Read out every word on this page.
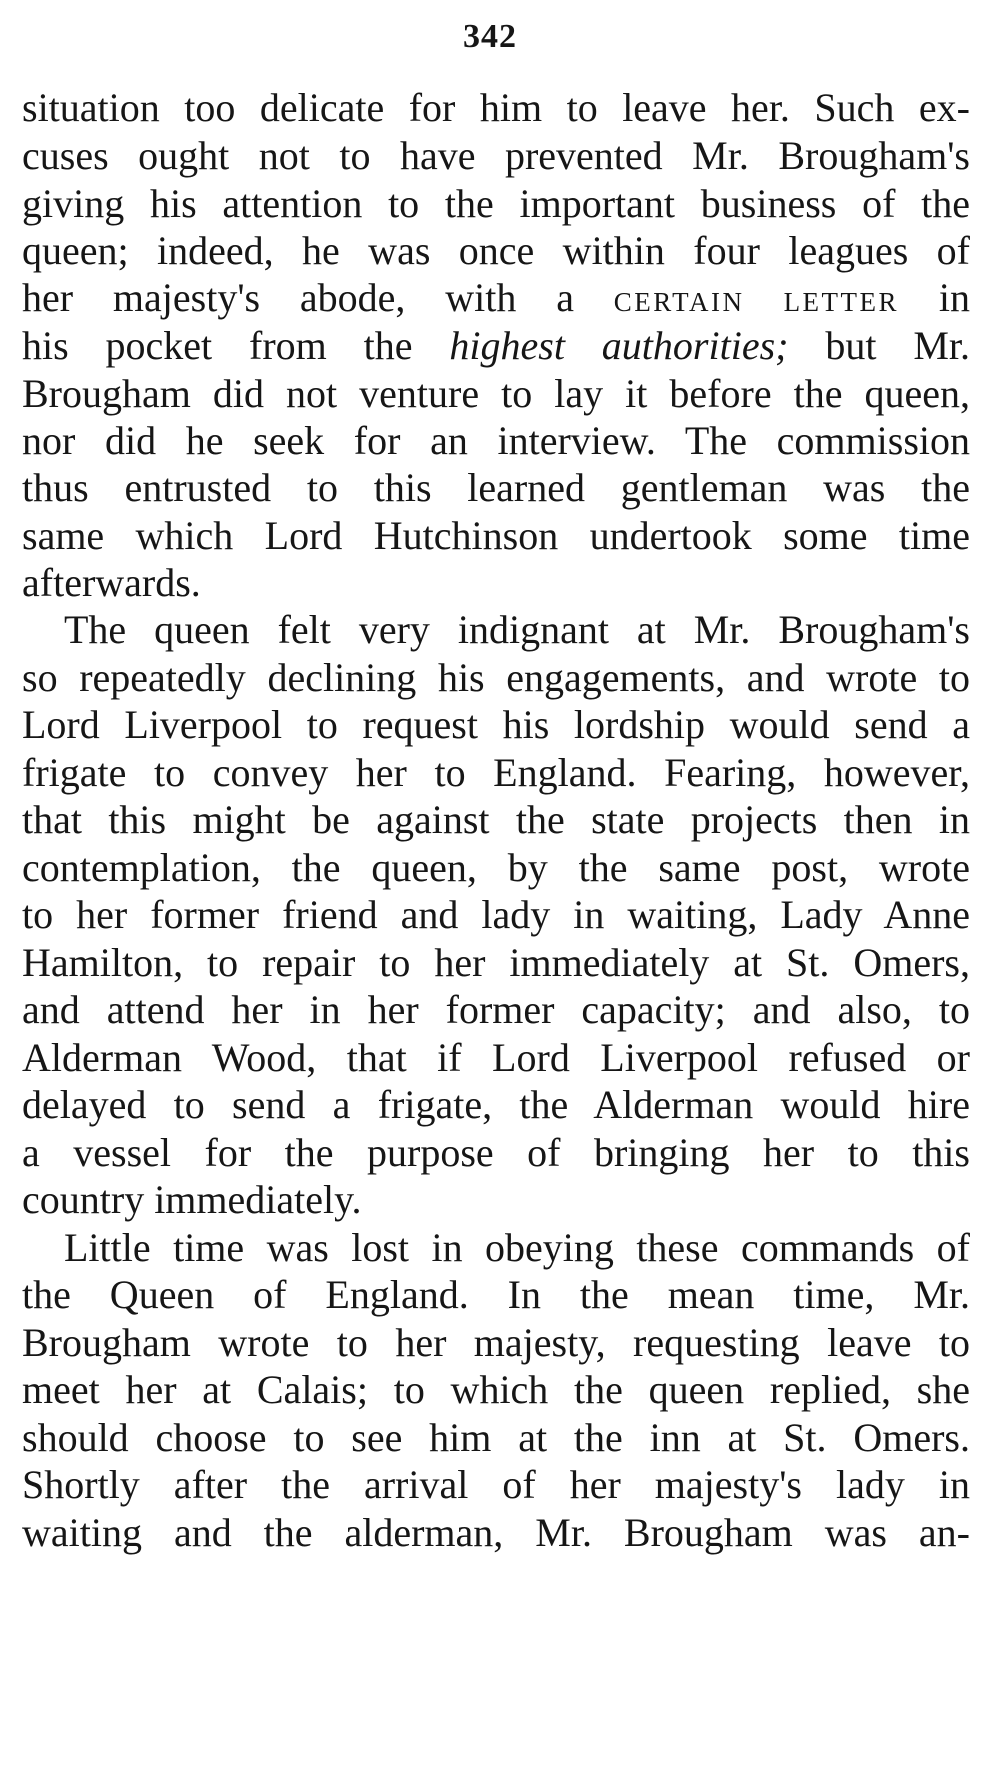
342
situation too delicate for him to leave her. Such ex-
cuses ought not to have prevented Mr. Brougham's
giving his attention to the important business of the
queen; indeed, he was once within four leagues of
her majesty's abode, with a CERTAIN LETTER in
his pocket from the highest authorities; but Mr.
Brougham did not venture to lay it before the queen,
nor did he seek for an interview. The commission
thus entrusted to this learned gentleman was the
same which Lord Hutchinson undertook some time
afterwards.
The queen felt very indignant at Mr. Brougham's
so repeatedly declining his engagements, and wrote to
Lord Liverpool to request his lordship would send a
frigate to convey her to England. Fearing, however,
that this might be against the state projects then in
contemplation, the queen, by the same post, wrote
to her former friend and lady in waiting, Lady Anne
Hamilton, to repair to her immediately at St. Omers,
and attend her in her former capacity; and also, to
Alderman Wood, that if Lord Liverpool refused or
delayed to send a frigate, the Alderman would hire
a vessel for the purpose of bringing her to this
country immediately.
Little time was lost in obeying these commands of
the Queen of England. In the mean time, Mr.
Brougham wrote to her majesty, requesting leave to
meet her at Calais; to which the queen replied, she
should choose to see him at the inn at St. Omers.
Shortly after the arrival of her majesty's lady in
waiting and the alderman, Mr. Brougham was an-
